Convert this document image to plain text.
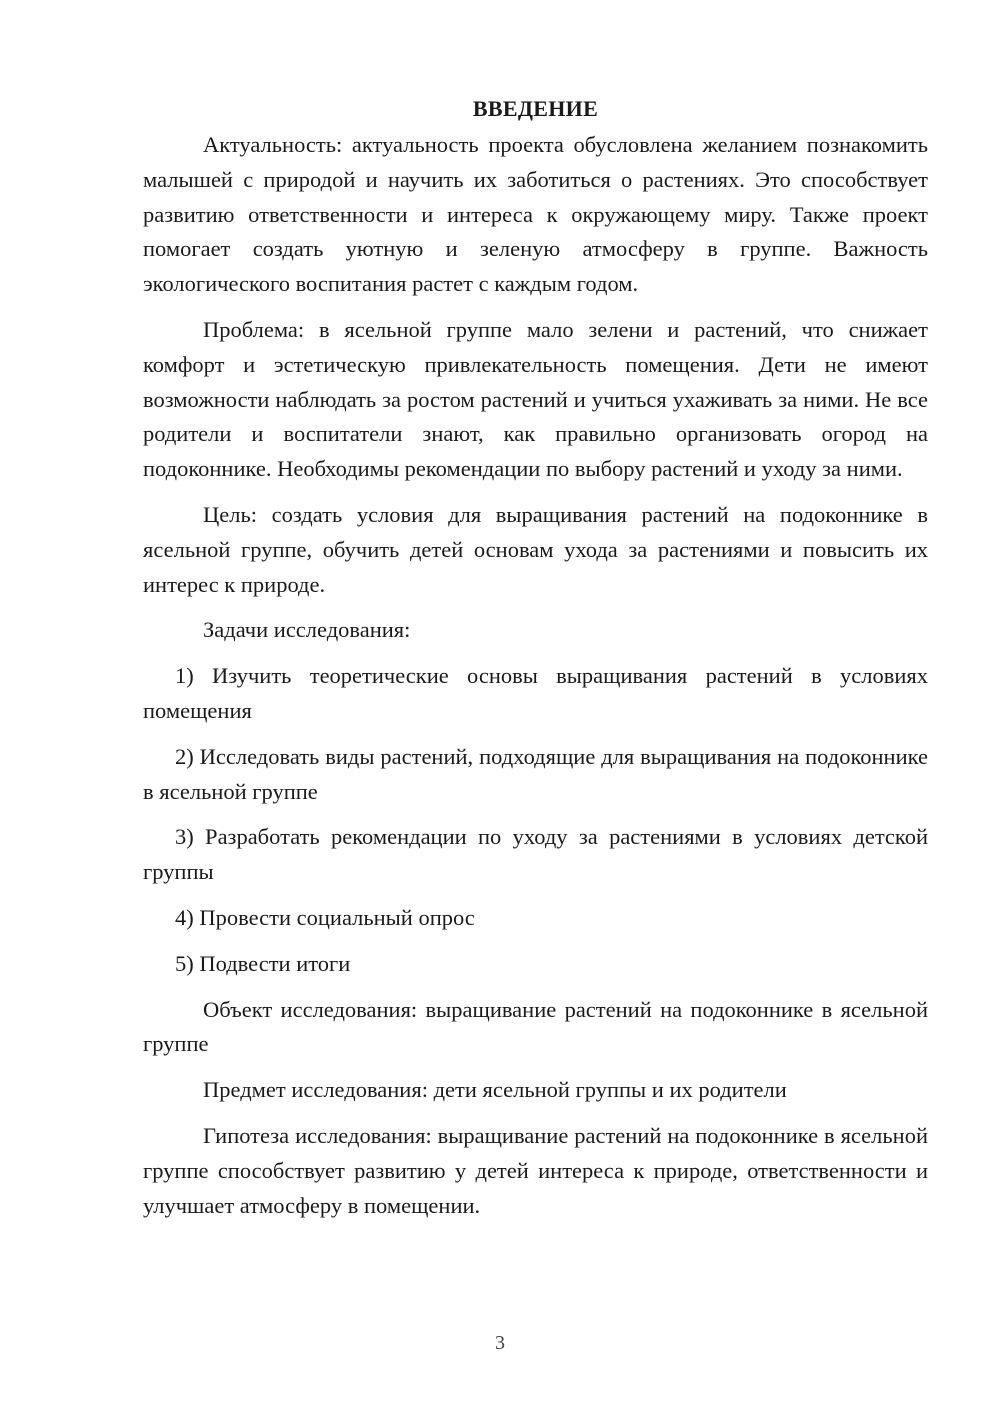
ВВЕДЕНИЕ

Актуальность: актуальность проекта обусловлена желанием познакомить малышей с природой и научить их заботиться о растениях. Это способствует развитию ответственности и интереса к окружающему миру. Также проект помогает создать уютную и зеленую атмосферу в группе. Важность экологического воспитания растет с каждым годом.

Проблема: в ясельной группе мало зелени и растений, что снижает комфорт и эстетическую привлекательность помещения. Дети не имеют возможности наблюдать за ростом растений и учиться ухаживать за ними. Не все родители и воспитатели знают, как правильно организовать огород на подоконнике. Необходимы рекомендации по выбору растений и уходу за ними.

Цель: создать условия для выращивания растений на подоконнике в ясельной группе, обучить детей основам ухода за растениями и повысить их интерес к природе.

Задачи исследования:

1) Изучить теоретические основы выращивания растений в условиях помещения

2) Исследовать виды растений, подходящие для выращивания на подоконнике в ясельной группе

3) Разработать рекомендации по уходу за растениями в условиях детской группы

4) Провести социальный опрос

5) Подвести итоги

Объект исследования: выращивание растений на подоконнике в ясельной группе

Предмет исследования: дети ясельной группы и их родители

Гипотеза исследования: выращивание растений на подоконнике в ясельной группе способствует развитию у детей интереса к природе, ответственности и улучшает атмосферу в помещении.

3
